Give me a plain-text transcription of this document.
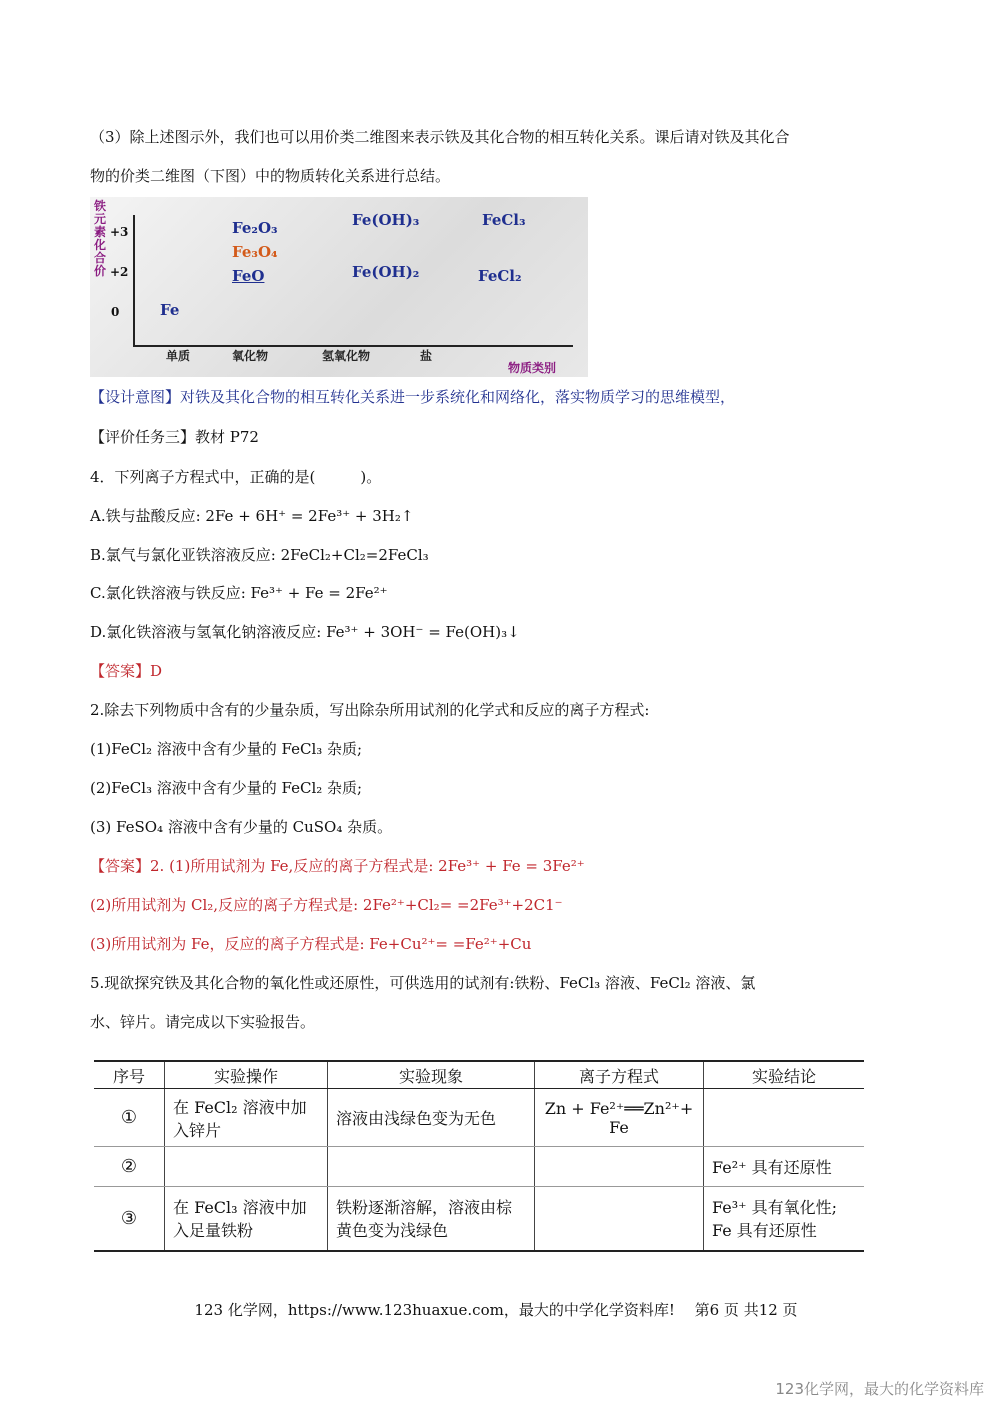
（3）除上述图示外，我们也可以用价类二维图来表示铁及其化合物的相互转化关系。课后请对铁及其化合
物的价类二维图（下图）中的物质转化关系进行总结。
铁元素化合价
+3
+2
0	Fe
Fe₂O₃
Fe₃O₄
FeO
Fe(OH)₃
Fe(OH)₂
FeCl₃
FeCl₂
单质	氧化物	氢氧化物	盐
物质类别
【设计意图】对铁及其化合物的相互转化关系进一步系统化和网络化，落实物质学习的思维模型，
【评价任务三】教材 P72
4．下列离子方程式中，正确的是(　　　)。
A.铁与盐酸反应: 2Fe + 6H⁺ = 2Fe³⁺ + 3H₂↑
B.氯气与氯化亚铁溶液反应: 2FeCl₂+Cl₂=2FeCl₃
C.氯化铁溶液与铁反应: Fe³⁺ + Fe = 2Fe²⁺
D.氯化铁溶液与氢氧化钠溶液反应: Fe³⁺ + 3OH⁻ = Fe(OH)₃↓
【答案】D
2.除去下列物质中含有的少量杂质，写出除杂所用试剂的化学式和反应的离子方程式:
(1)FeCl₂ 溶液中含有少量的 FeCl₃ 杂质;
(2)FeCl₃ 溶液中含有少量的 FeCl₂ 杂质;
(3) FeSO₄ 溶液中含有少量的 CuSO₄ 杂质。
【答案】2. (1)所用试剂为 Fe,反应的离子方程式是: 2Fe³⁺ + Fe = 3Fe²⁺
(2)所用试剂为 Cl₂,反应的离子方程式是: 2Fe²⁺+Cl₂= =2Fe³⁺+2C1⁻
(3)所用试剂为 Fe，反应的离子方程式是: Fe+Cu²⁺= =Fe²⁺+Cu
5.现欲探究铁及其化合物的氧化性或还原性，可供选用的试剂有:铁粉、FeCl₃ 溶液、FeCl₂ 溶液、氯
水、锌片。请完成以下实验报告。
序号	实验操作	实验现象	离子方程式	实验结论
①	在 FeCl₂ 溶液中加入锌片	溶液由浅绿色变为无色	Zn + Fe²⁺══Zn²⁺+ Fe	
②				Fe²⁺ 具有还原性
③	在 FeCl₃ 溶液中加入足量铁粉	铁粉逐渐溶解，溶液由棕黄色变为浅绿色		Fe³⁺ 具有氧化性; Fe 具有还原性
123 化学网，https://www.123huaxue.com，最大的中学化学资料库!　 第6 页 共12 页
123化学网，最大的化学资料库
